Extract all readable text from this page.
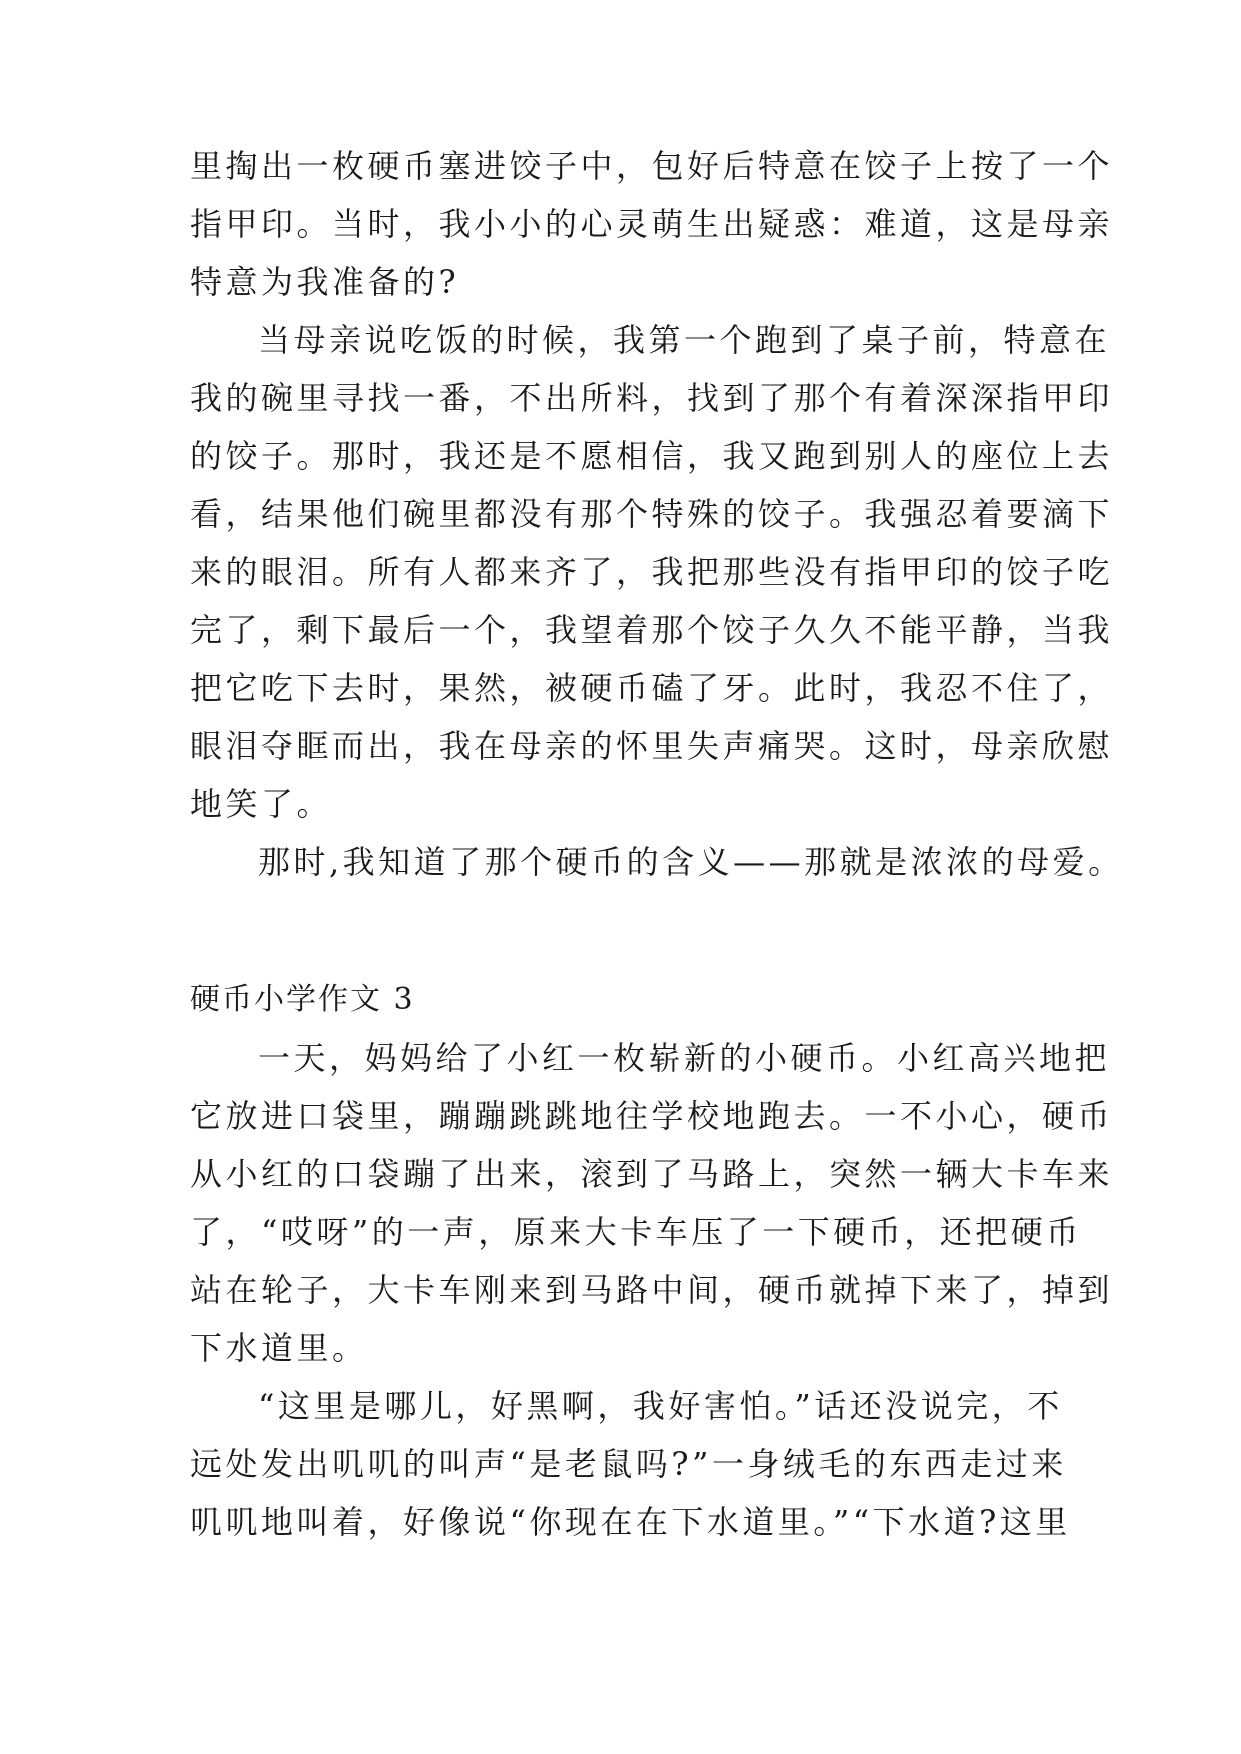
里掏出一枚硬币塞进饺子中，包好后特意在饺子上按了一个
指甲印。当时，我小小的心灵萌生出疑惑：难道，这是母亲
特意为我准备的?
当母亲说吃饭的时候，我第一个跑到了桌子前，特意在
我的碗里寻找一番，不出所料，找到了那个有着深深指甲印
的饺子。那时，我还是不愿相信，我又跑到别人的座位上去
看，结果他们碗里都没有那个特殊的饺子。我强忍着要滴下
来的眼泪。所有人都来齐了，我把那些没有指甲印的饺子吃
完了，剩下最后一个，我望着那个饺子久久不能平静，当我
把它吃下去时，果然，被硬币磕了牙。此时，我忍不住了，
眼泪夺眶而出，我在母亲的怀里失声痛哭。这时，母亲欣慰
地笑了。
那时,我知道了那个硬币的含义——那就是浓浓的母爱。
硬币小学作文 3
一天，妈妈给了小红一枚崭新的小硬币。小红高兴地把
它放进口袋里，蹦蹦跳跳地往学校地跑去。一不小心，硬币
从小红的口袋蹦了出来，滚到了马路上，突然一辆大卡车来
了，“哎呀”的一声，原来大卡车压了一下硬币，还把硬币
站在轮子，大卡车刚来到马路中间，硬币就掉下来了，掉到
下水道里。
“这里是哪儿，好黑啊，我好害怕。”话还没说完，不
远处发出叽叽的叫声“是老鼠吗?”一身绒毛的东西走过来
叽叽地叫着，好像说“你现在在下水道里。”“下水道?这里
